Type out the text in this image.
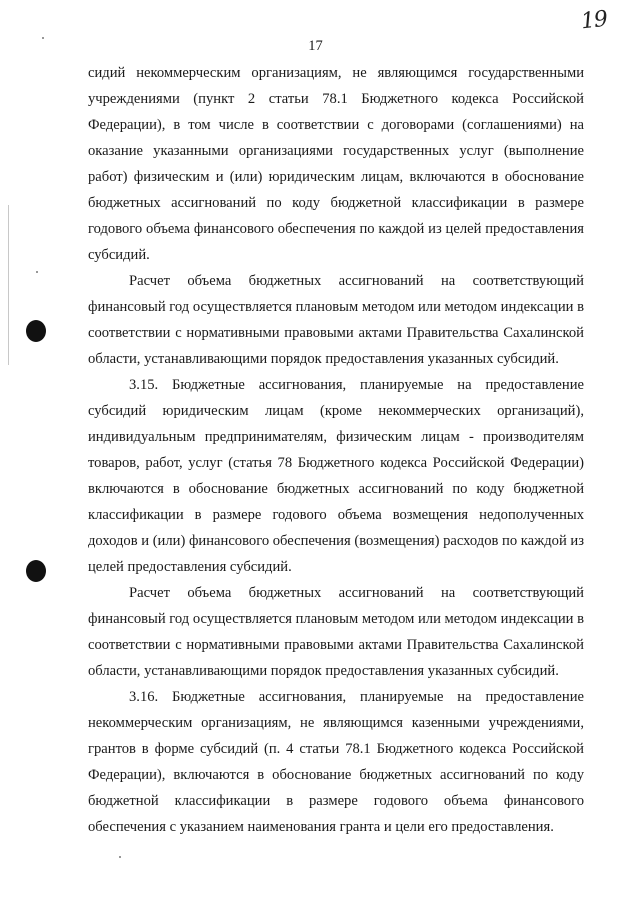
19
17

сидий некоммерческим организациям, не являющимся государственными учреждениями (пункт 2 статьи 78.1 Бюджетного кодекса Российской Федерации), в том числе в соответствии с договорами (соглашениями) на оказание указанными организациями государственных услуг (выполнение работ) физическим и (или) юридическим лицам, включаются в обоснование бюджетных ассигнований по коду бюджетной классификации в размере годового объема финансового обеспечения по каждой из целей предоставления субсидий.

Расчет объема бюджетных ассигнований на соответствующий финансовый год осуществляется плановым методом или методом индексации в соответствии с нормативными правовыми актами Правительства Сахалинской области, устанавливающими порядок предоставления указанных субсидий.

3.15. Бюджетные ассигнования, планируемые на предоставление субсидий юридическим лицам (кроме некоммерческих организаций), индивидуальным предпринимателям, физическим лицам - производителям товаров, работ, услуг (статья 78 Бюджетного кодекса Российской Федерации) включаются в обоснование бюджетных ассигнований по коду бюджетной классификации в размере годового объема возмещения недополученных доходов и (или) финансового обеспечения (возмещения) расходов по каждой из целей предоставления субсидий.

Расчет объема бюджетных ассигнований на соответствующий финансовый год осуществляется плановым методом или методом индексации в соответствии с нормативными правовыми актами Правительства Сахалинской области, устанавливающими порядок предоставления указанных субсидий.

3.16. Бюджетные ассигнования, планируемые на предоставление некоммерческим организациям, не являющимся казенными учреждениями, грантов в форме субсидий (п. 4 статьи 78.1 Бюджетного кодекса Российской Федерации), включаются в обоснование бюджетных ассигнований по коду бюджетной классификации в размере годового объема финансового обеспечения с указанием наименования гранта и цели его предоставления.
